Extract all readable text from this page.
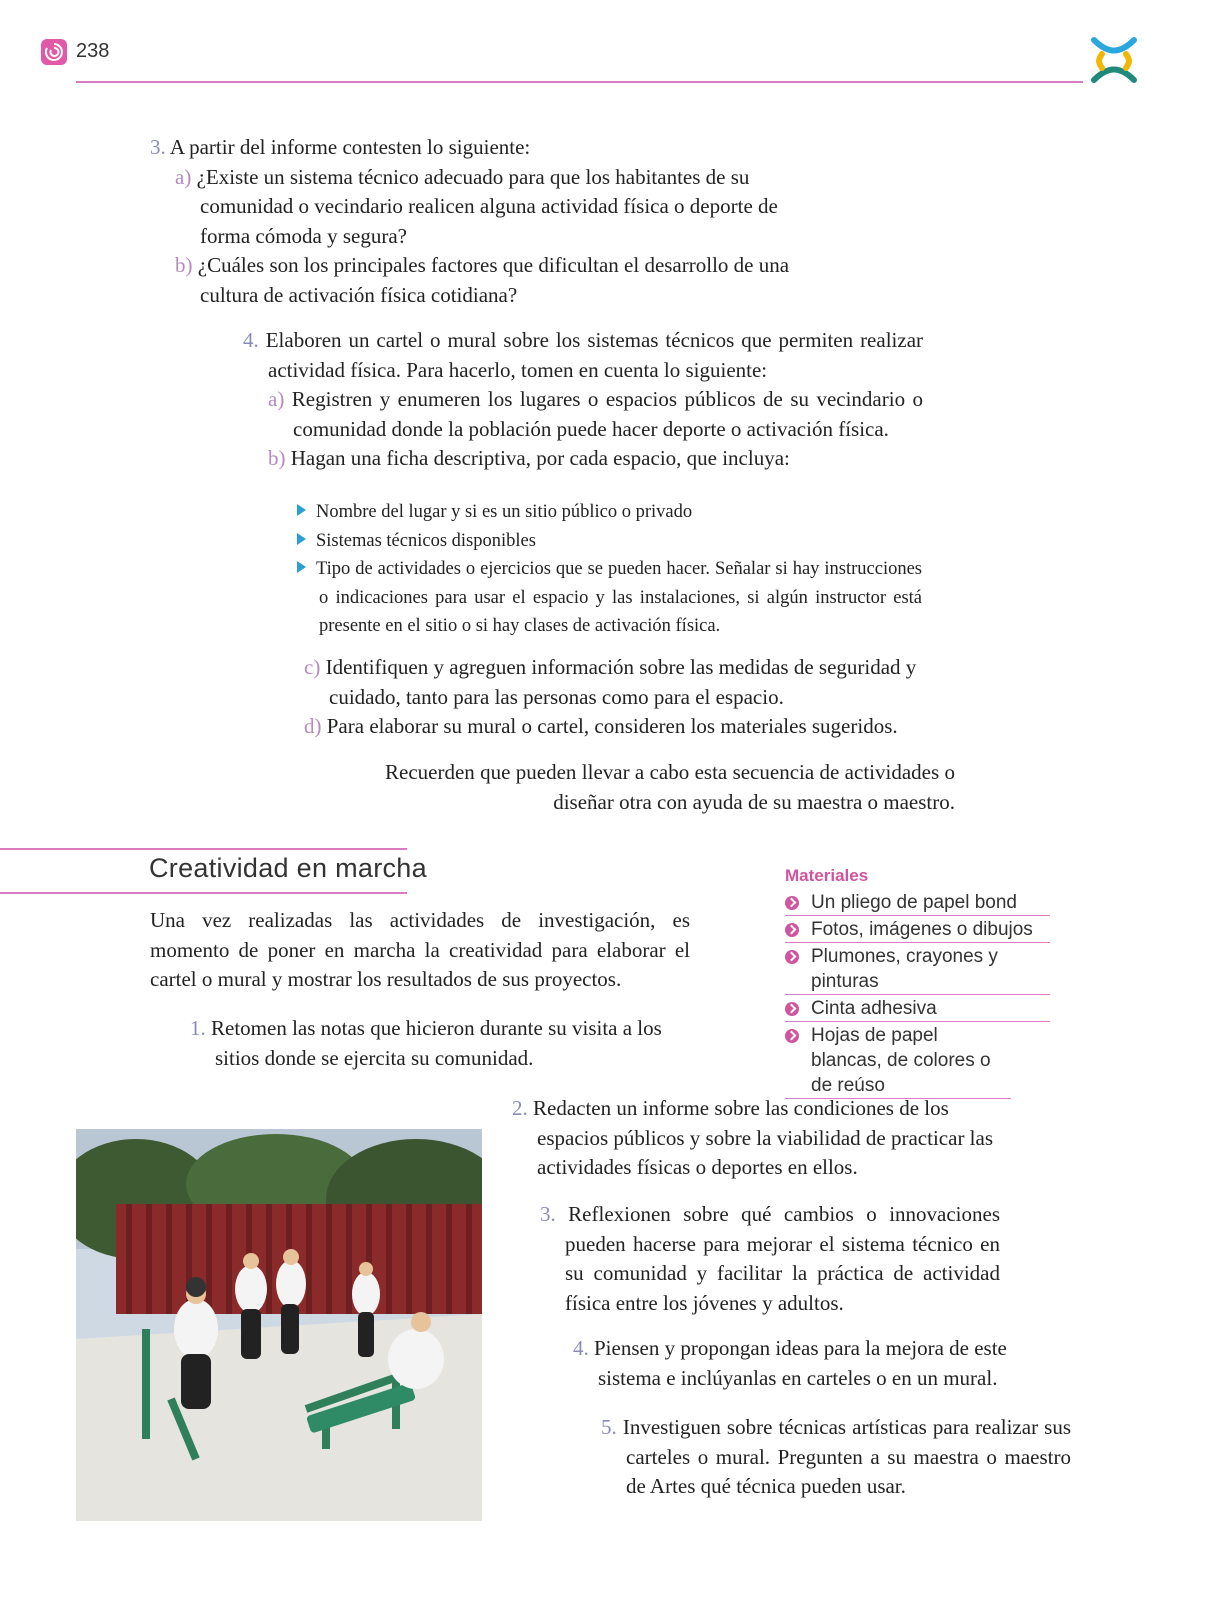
238
3. A partir del informe contesten lo siguiente:
a) ¿Existe un sistema técnico adecuado para que los habitantes de su comunidad o vecindario realicen alguna actividad física o deporte de forma cómoda y segura?
b) ¿Cuáles son los principales factores que dificultan el desarrollo de una cultura de activación física cotidiana?
4. Elaboren un cartel o mural sobre los sistemas técnicos que permiten realizar actividad física. Para hacerlo, tomen en cuenta lo siguiente:
a) Registren y enumeren los lugares o espacios públicos de su vecindario o comunidad donde la población puede hacer deporte o activación física.
b) Hagan una ficha descriptiva, por cada espacio, que incluya:
Nombre del lugar y si es un sitio público o privado
Sistemas técnicos disponibles
Tipo de actividades o ejercicios que se pueden hacer. Señalar si hay instrucciones o indicaciones para usar el espacio y las instalaciones, si algún instructor está presente en el sitio o si hay clases de activación física.
c) Identifiquen y agreguen información sobre las medidas de seguridad y cuidado, tanto para las personas como para el espacio.
d) Para elaborar su mural o cartel, consideren los materiales sugeridos.
Recuerden que pueden llevar a cabo esta secuencia de actividades o diseñar otra con ayuda de su maestra o maestro.
Creatividad en marcha
Una vez realizadas las actividades de investigación, es momento de poner en marcha la creatividad para elaborar el cartel o mural y mostrar los resultados de sus proyectos.
1. Retomen las notas que hicieron durante su visita a los sitios donde se ejercita su comunidad.
Materiales
Un pliego de papel bond
Fotos, imágenes o dibujos
Plumones, crayones y pinturas
Cinta adhesiva
Hojas de papel blancas, de colores o de reúso
2. Redacten un informe sobre las condiciones de los espacios públicos y sobre la viabilidad de practicar las actividades físicas o deportes en ellos.
3. Reflexionen sobre qué cambios o innovaciones pueden hacerse para mejorar el sistema técnico en su comunidad y facilitar la práctica de actividad física entre los jóvenes y adultos.
4. Piensen y propongan ideas para la mejora de este sistema e inclúyanlas en carteles o en un mural.
5. Investiguen sobre técnicas artísticas para realizar sus carteles o mural. Pregunten a su maestra o maestro de Artes qué técnica pueden usar.
